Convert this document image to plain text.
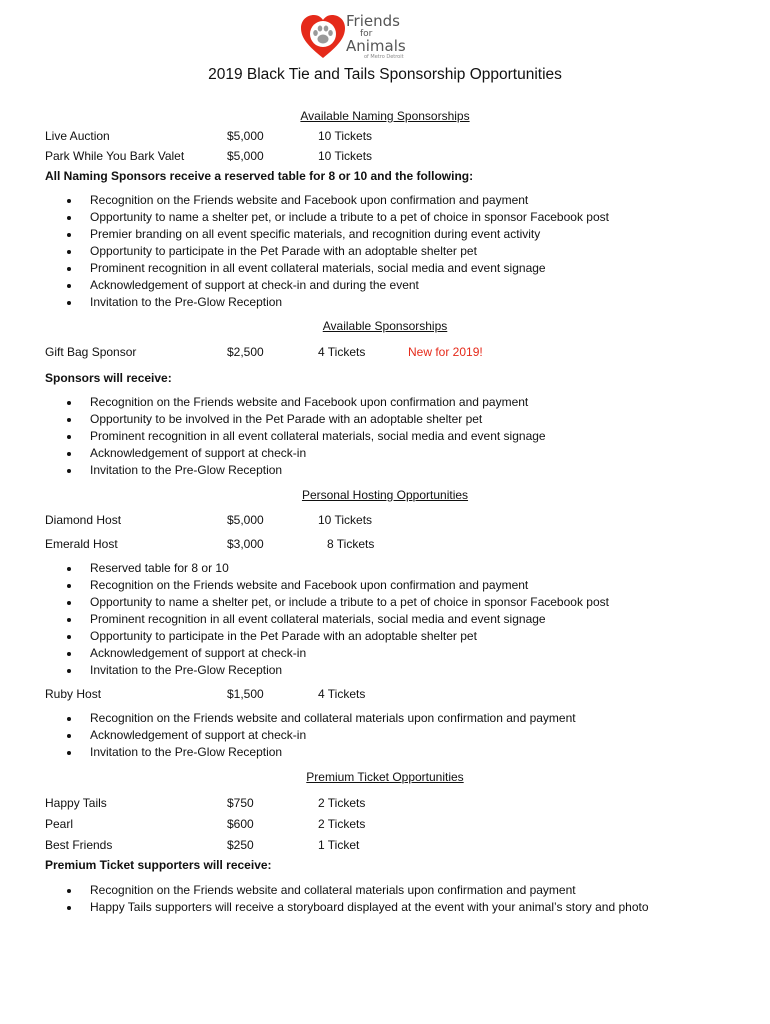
Friends
for
Animals
of Metro Detroit
2019 Black Tie and Tails Sponsorship Opportunities
Available Naming Sponsorships
Live Auction	$5,000	10 Tickets
Park While You Bark Valet	$5,000	10 Tickets
All Naming Sponsors receive a reserved table for 8 or 10 and the following:
Recognition on the Friends website and Facebook upon confirmation and payment
Opportunity to name a shelter pet, or include a tribute to a pet of choice in sponsor Facebook post
Premier branding on all event specific materials, and recognition during event activity
Opportunity to participate in the Pet Parade with an adoptable shelter pet
Prominent recognition in all event collateral materials, social media and event signage
Acknowledgement of support at check-in and during the event
Invitation to the Pre-Glow Reception
Available Sponsorships
Gift Bag Sponsor	$2,500	4 Tickets	New for 2019!
Sponsors will receive:
Recognition on the Friends website and Facebook upon confirmation and payment
Opportunity to be involved in the Pet Parade with an adoptable shelter pet
Prominent recognition in all event collateral materials, social media and event signage
Acknowledgement of support at check-in
Invitation to the Pre-Glow Reception
Personal Hosting Opportunities
Diamond Host	$5,000	10 Tickets
Emerald Host	$3,000	8 Tickets
Reserved table for 8 or 10
Recognition on the Friends website and Facebook upon confirmation and payment
Opportunity to name a shelter pet, or include a tribute to a pet of choice in sponsor Facebook post
Prominent recognition in all event collateral materials, social media and event signage
Opportunity to participate in the Pet Parade with an adoptable shelter pet
Acknowledgement of support at check-in
Invitation to the Pre-Glow Reception
Ruby Host	$1,500	4 Tickets
Recognition on the Friends website and collateral materials upon confirmation and payment
Acknowledgement of support at check-in
Invitation to the Pre-Glow Reception
Premium Ticket Opportunities
Happy Tails	$750	2 Tickets
Pearl	$600	2 Tickets
Best Friends	$250	1 Ticket
Premium Ticket supporters will receive:
Recognition on the Friends website and collateral materials upon confirmation and payment
Happy Tails supporters will receive a storyboard displayed at the event with your animal’s story and photo
